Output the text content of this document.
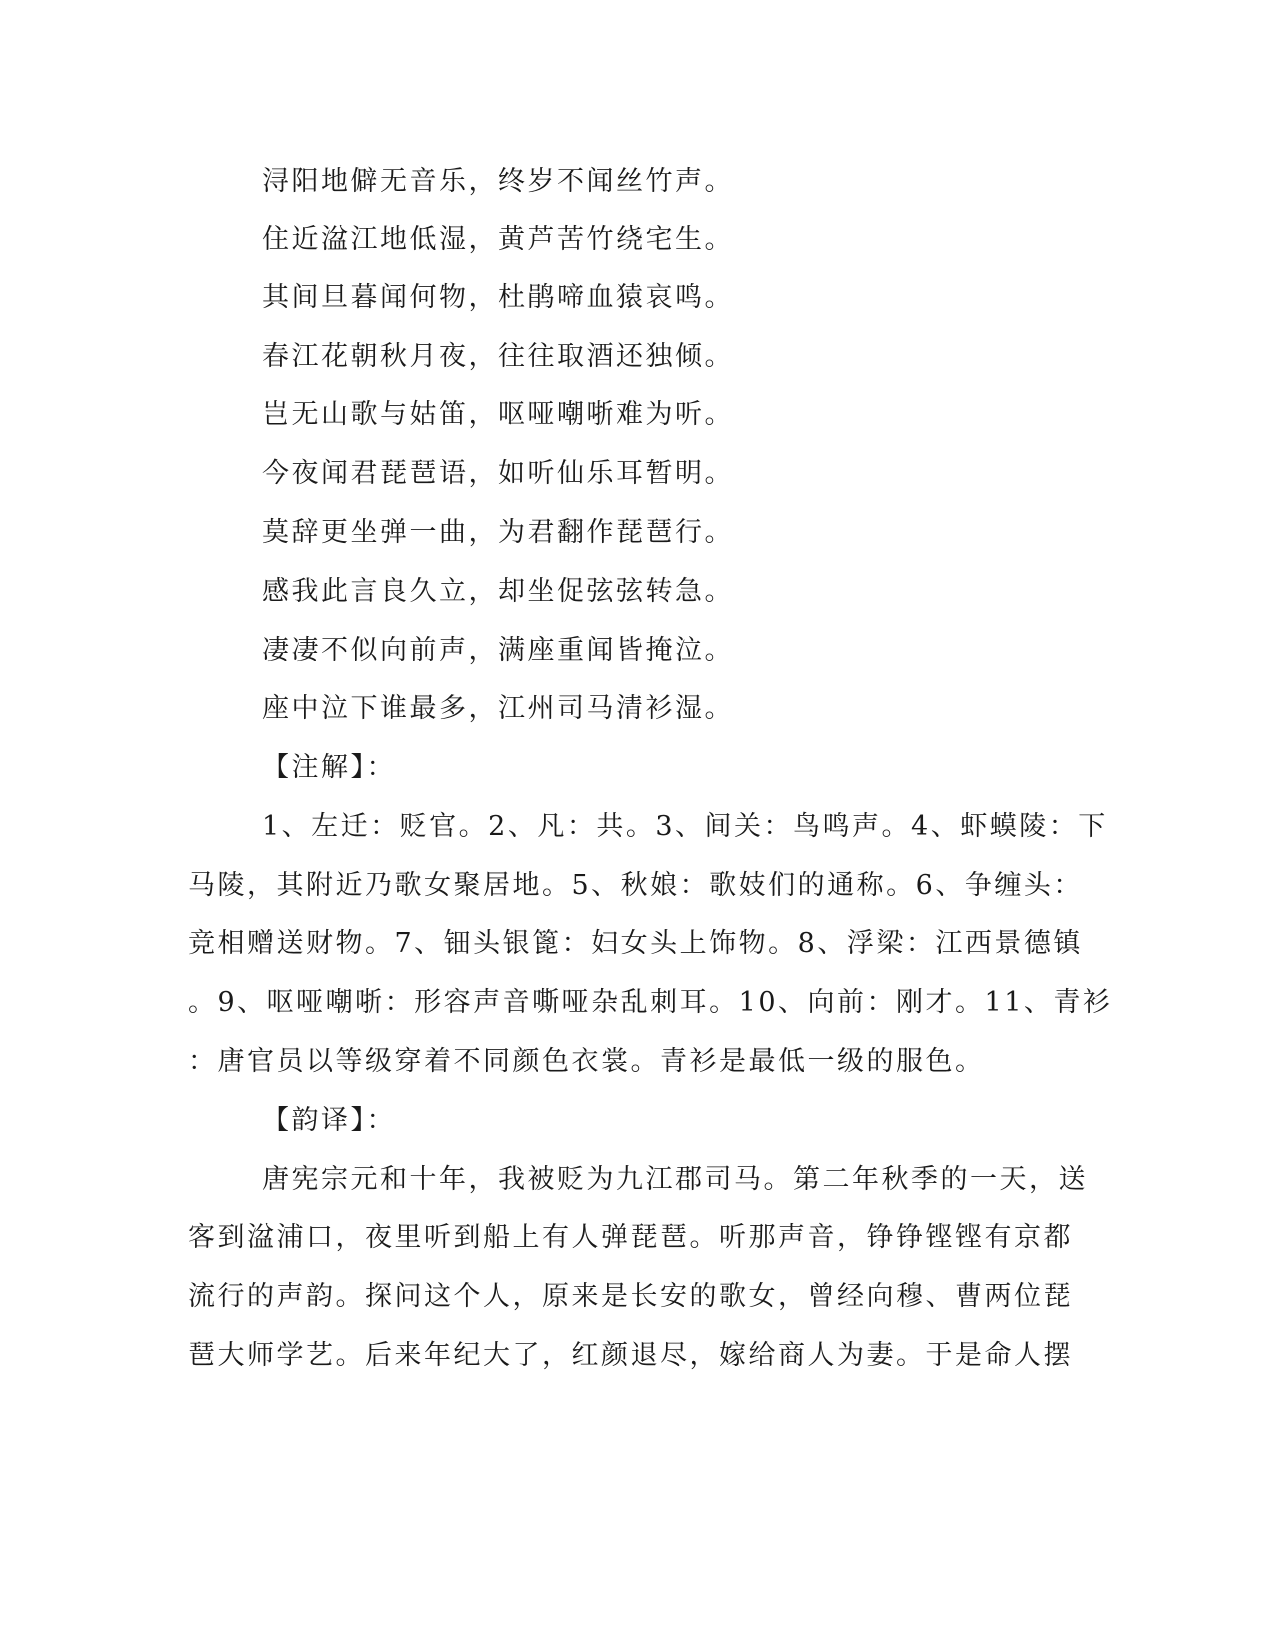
浔阳地僻无音乐，终岁不闻丝竹声。
住近湓江地低湿，黄芦苦竹绕宅生。
其间旦暮闻何物，杜鹃啼血猿哀鸣。
春江花朝秋月夜，往往取酒还独倾。
岂无山歌与姑笛，呕哑嘲哳难为听。
今夜闻君琵琶语，如听仙乐耳暂明。
莫辞更坐弹一曲，为君翻作琵琶行。
感我此言良久立，却坐促弦弦转急。
凄凄不似向前声，满座重闻皆掩泣。
座中泣下谁最多，江州司马清衫湿。
【注解】：
1、左迁：贬官。2、凡：共。3、间关：鸟鸣声。4、虾蟆陵：下
马陵，其附近乃歌女聚居地。5、秋娘：歌妓们的通称。6、争缠头：
竞相赠送财物。7、钿头银篦：妇女头上饰物。8、浮梁：江西景德镇
。9、呕哑嘲哳：形容声音嘶哑杂乱刺耳。10、向前：刚才。11、青衫
：唐官员以等级穿着不同颜色衣裳。青衫是最低一级的服色。
【韵译】：
唐宪宗元和十年，我被贬为九江郡司马。第二年秋季的一天，送
客到湓浦口，夜里听到船上有人弹琵琶。听那声音，铮铮铿铿有京都
流行的声韵。探问这个人，原来是长安的歌女，曾经向穆、曹两位琵
琶大师学艺。后来年纪大了，红颜退尽，嫁给商人为妻。于是命人摆
